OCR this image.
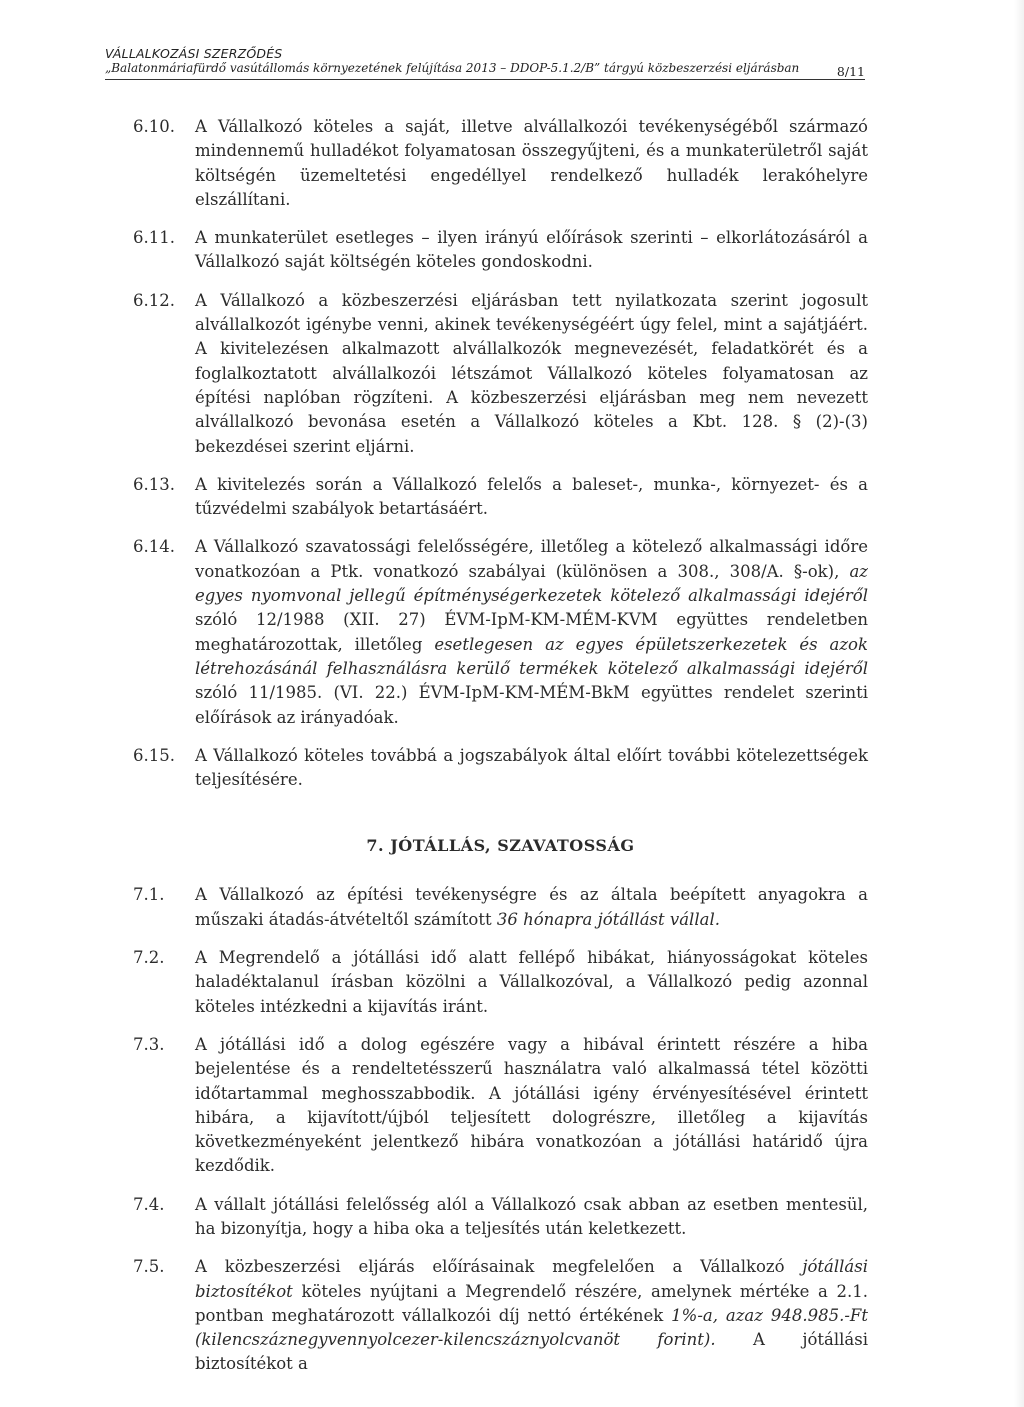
VÁLLALKOZÁSI SZERZŐDÉS
„Balatonmáriafürdő vasútállomás környezetének felújítása 2013 – DDOP-5.1.2/B” tárgyú közbeszerzési eljárásban	8/11
6.10.	A Vállalkozó köteles a saját, illetve alvállalkozói tevékenységéből származó mindennemű hulladékot folyamatosan összegyűjteni, és a munkaterületről saját költségén üzemeltetési engedéllyel rendelkező hulladék lerakóhelyre elszállítani.
6.11.	A munkaterület esetleges – ilyen irányú előírások szerinti – elkorlátozásáról a Vállalkozó saját költségén köteles gondoskodni.
6.12.	A Vállalkozó a közbeszerzési eljárásban tett nyilatkozata szerint jogosult alvállalkozót igénybe venni, akinek tevékenységéért úgy felel, mint a sajátjáért. A kivitelezésen alkalmazott alvállalkozók megnevezését, feladatkörét és a foglalkoztatott alvállalkozói létszámot Vállalkozó köteles folyamatosan az építési naplóban rögzíteni. A közbeszerzési eljárásban meg nem nevezett alvállalkozó bevonása esetén a Vállalkozó köteles a Kbt. 128. § (2)-(3) bekezdései szerint eljárni.
6.13.	A kivitelezés során a Vállalkozó felelős a baleset-, munka-, környezet- és a tűzvédelmi szabályok betartásáért.
6.14.	A Vállalkozó szavatossági felelősségére, illetőleg a kötelező alkalmassági időre vonatkozóan a Ptk. vonatkozó szabályai (különösen a 308., 308/A. §-ok), az egyes nyomvonal jellegű építménységerkezetek kötelező alkalmassági idejéről szóló 12/1988 (XII. 27) ÉVM-IpM-KM-MÉM-KVM együttes rendeletben meghatározottak, illetőleg esetlegesen az egyes épületszerkezetek és azok létrehozásánál felhasználásra kerülő termékek kötelező alkalmassági idejéről szóló 11/1985. (VI. 22.) ÉVM-IpM-KM-MÉM-BkM együttes rendelet szerinti előírások az irányadóak.
6.15.	A Vállalkozó köteles továbbá a jogszabályok által előírt további kötelezettségek teljesítésére.
7. JÓTÁLLÁS, SZAVATOSSÁG
7.1.	A Vállalkozó az építési tevékenységre és az általa beépített anyagokra a műszaki átadás-átvételtől számított 36 hónapra jótállást vállal.
7.2.	A Megrendelő a jótállási idő alatt fellépő hibákat, hiányosságokat köteles haladéktalanul írásban közölni a Vállalkozóval, a Vállalkozó pedig azonnal köteles intézkedni a kijavítás iránt.
7.3.	A jótállási idő a dolog egészére vagy a hibával érintett részére a hiba bejelentése és a rendeltetésszerű használatra való alkalmassá tétel közötti időtartammal meghosszabbodik. A jótállási igény érvényesítésével érintett hibára, a kijavított/újból teljesített dologrészre, illetőleg a kijavítás következményeként jelentkező hibára vonatkozóan a jótállási határidő újra kezdődik.
7.4.	A vállalt jótállási felelősség alól a Vállalkozó csak abban az esetben mentesül, ha bizonyítja, hogy a hiba oka a teljesítés után keletkezett.
7.5.	A közbeszerzési eljárás előírásainak megfelelően a Vállalkozó jótállási biztosítékot köteles nyújtani a Megrendelő részére, amelynek mértéke a 2.1. pontban meghatározott vállalkozói díj nettó értékének 1%-a, azaz 948.985.-Ft (kilencszáznegyvennyolcezer-kilencszáznyolcvanöt forint). A jótállási biztosítékot a
